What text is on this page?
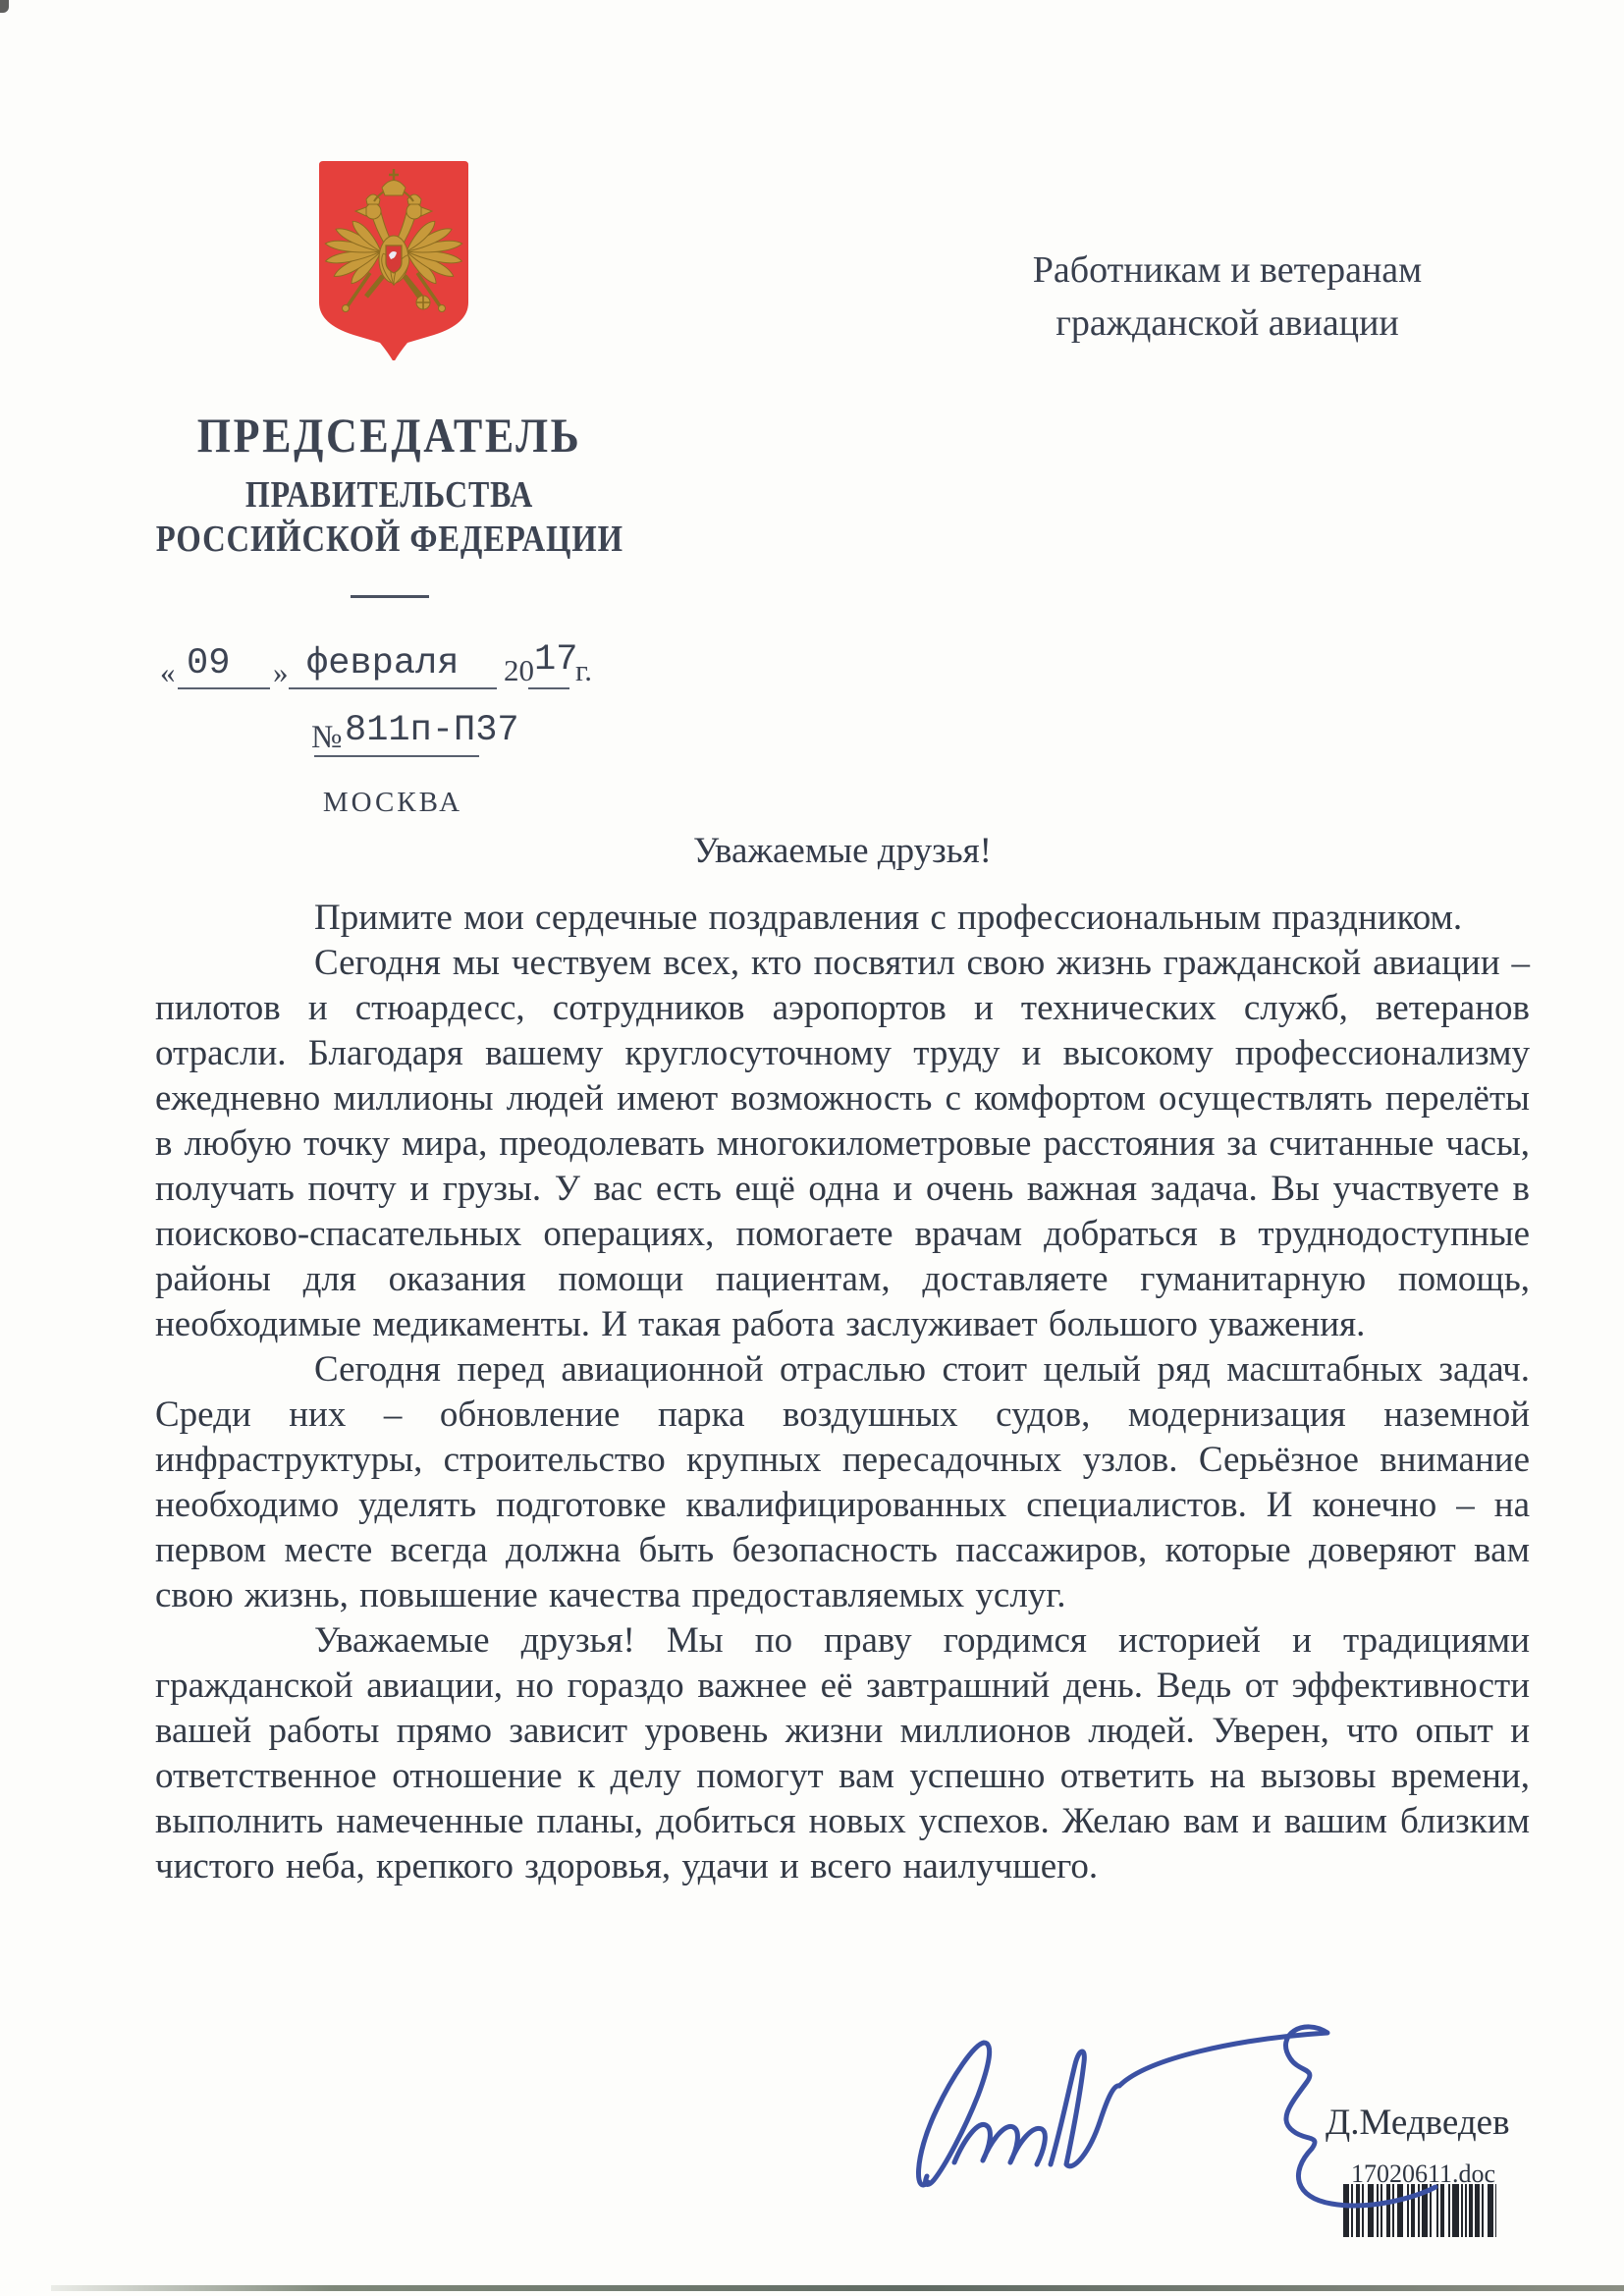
ПРЕДСЕДАТЕЛЬ
ПРАВИТЕЛЬСТВА
РОССИЙСКОЙ ФЕДЕРАЦИИ
« 09 » февраля 20 17
г.
№ 811п-П37
МОСКВА
Работникам и ветеранам
гражданской авиации
Уважаемые друзья!

Примите мои сердечные поздравления с профессиональным праздником.

Сегодня мы чествуем всех, кто посвятил свою жизнь гражданской авиации – пилотов и стюардесс, сотрудников аэропортов и технических служб, ветеранов отрасли. Благодаря вашему круглосуточному труду и высокому профессионализму ежедневно миллионы людей имеют возможность с комфортом осуществлять перелёты в любую точку мира, преодолевать многокилометровые расстояния за считанные часы, получать почту и грузы. У вас есть ещё одна и очень важная задача. Вы участвуете в поисково-спасательных операциях, помогаете врачам добраться в труднодоступные районы для оказания помощи пациентам, доставляете гуманитарную помощь, необходимые медикаменты. И такая работа заслуживает большого уважения.

Сегодня перед авиационной отраслью стоит целый ряд масштабных задач. Среди них – обновление парка воздушных судов, модернизация наземной инфраструктуры, строительство крупных пересадочных узлов. Серьёзное внимание необходимо уделять подготовке квалифицированных специалистов. И конечно – на первом месте всегда должна быть безопасность пассажиров, которые доверяют вам свою жизнь, повышение качества предоставляемых услуг.

Уважаемые друзья! Мы по праву гордимся историей и традициями гражданской авиации, но гораздо важнее её завтрашний день. Ведь от эффективности вашей работы прямо зависит уровень жизни миллионов людей. Уверен, что опыт и ответственное отношение к делу помогут вам успешно ответить на вызовы времени, выполнить намеченные планы, добиться новых успехов. Желаю вам и вашим близким чистого неба, крепкого здоровья, удачи и всего наилучшего.

Д.Медведев
17020611.doc
